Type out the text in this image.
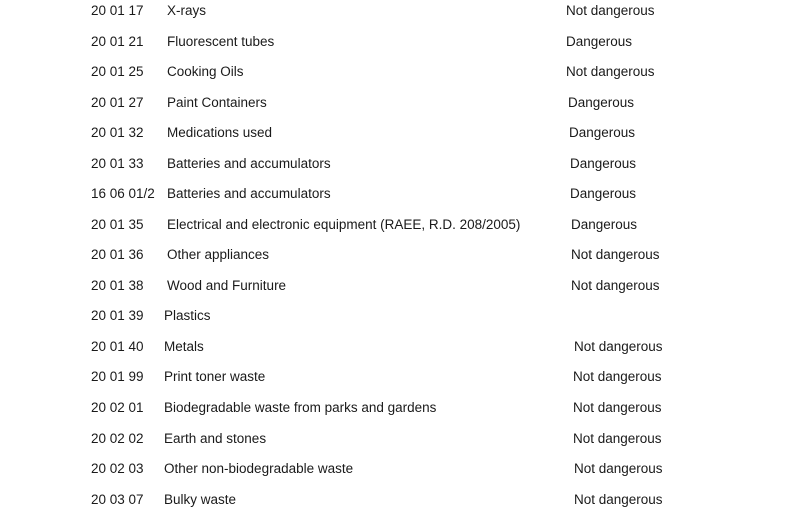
20 01 17 X-rays	Not dangerous
20 01 21 Fluorescent tubes	Dangerous
20 01 25 Cooking Oils	Not dangerous
20 01 27 Paint Containers	Dangerous
20 01 32 Medications used	Dangerous
20 01 33 Batteries and accumulators	Dangerous
16 06 01/2 Batteries and accumulators	Dangerous
20 01 35 Electrical and electronic equipment (RAEE, R.D. 208/2005)	Dangerous
20 01 36 Other appliances	Not dangerous
20 01 38 Wood and Furniture	Not dangerous
20 01 39 Plastics
20 01 40 Metals	Not dangerous
20 01 99 Print toner waste	Not dangerous
20 02 01 Biodegradable waste from parks and gardens	Not dangerous
20 02 02 Earth and stones	Not dangerous
20 02 03 Other non-biodegradable waste	Not dangerous
20 03 07 Bulky waste	Not dangerous
